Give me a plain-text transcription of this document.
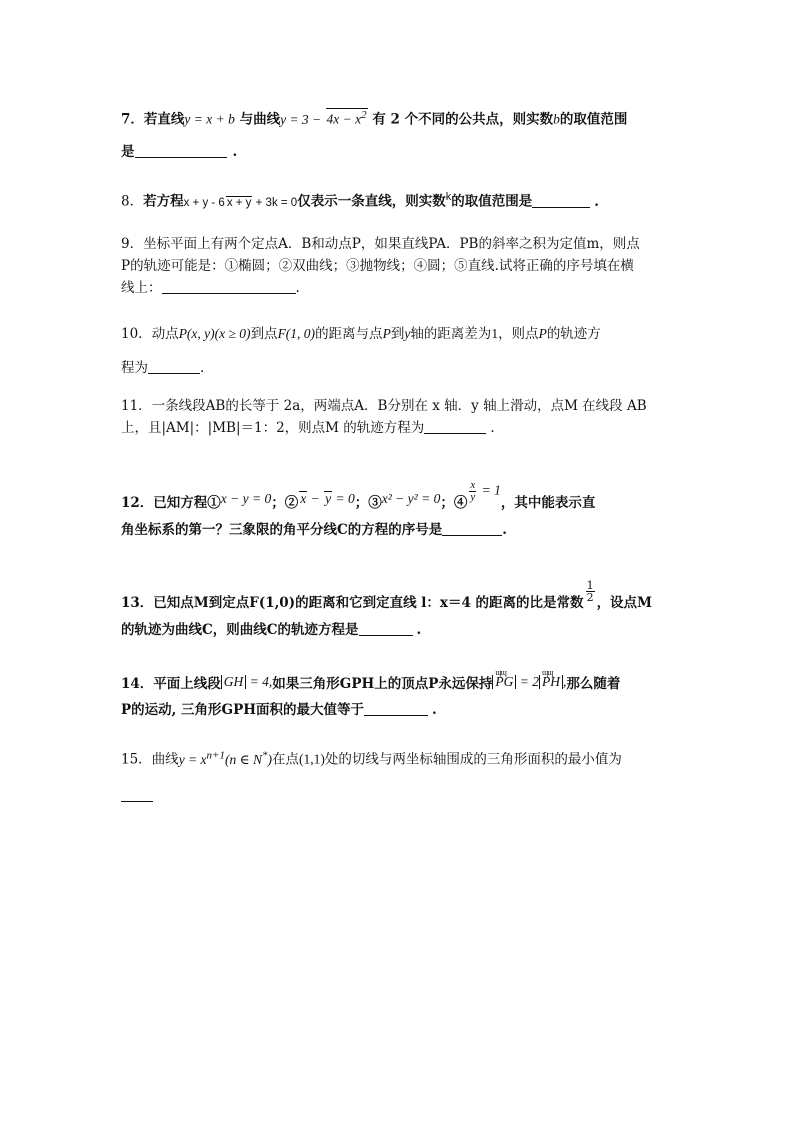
7．若直线y = x + b 与曲线$y = 3 - 4x - x^2$ 有 2 个不同的公共点，则实数b的取值范围
是	.
8．若方程x + y - 6 x + y + 3k = 0仅表示一条直线，则实数$^k$的取值范围是	.
9．坐标平面上有两个定点A．B和动点P，如果直线PA．PB的斜率之积为定值m，则点
P的轨迹可能是：①椭圆；②双曲线；③抛物线；④圆；⑤直线.试将正确的序号填在横
线上：	.
10．动点P(x, y)(x ≥ 0)到点F(1, 0)的距离与点P到y轴的距离差为1，则点P的轨迹方
程为	.
11．一条线段AB的长等于 2a，两端点A．B分别在 x 轴．y 轴上滑动，点M 在线段 AB
上，且|AM|：|MB|＝1：2，则点M 的轨迹方程为	.
12．已知方程①x − y = 0；② x − y = 0；③x² − y² = 0；④ $\frac{x}{y} = 1$，其中能表示直
角坐标系的第一？三象限的角平分线C的方程的序号是	.
13．已知点M到定点F(1,0)的距离和它到定直线 l：x＝4 的距离的比是常数 $\frac{1}{2}$ ，设点M
的轨迹为曲线C，则曲线C的轨迹方程是	.
14．平面上线段 GH = 4,如果三角形GPH上的顶点P永远保持 ɰɰ PG = 2 ɰɰ PH ,那么随着
P的运动, 三角形GPH面积的最大值等于	.
15．曲线$y = x^{n+1}(n$ ∈ N*)在点(1,1)处的切线与两坐标轴围成的三角形面积的最小值为
